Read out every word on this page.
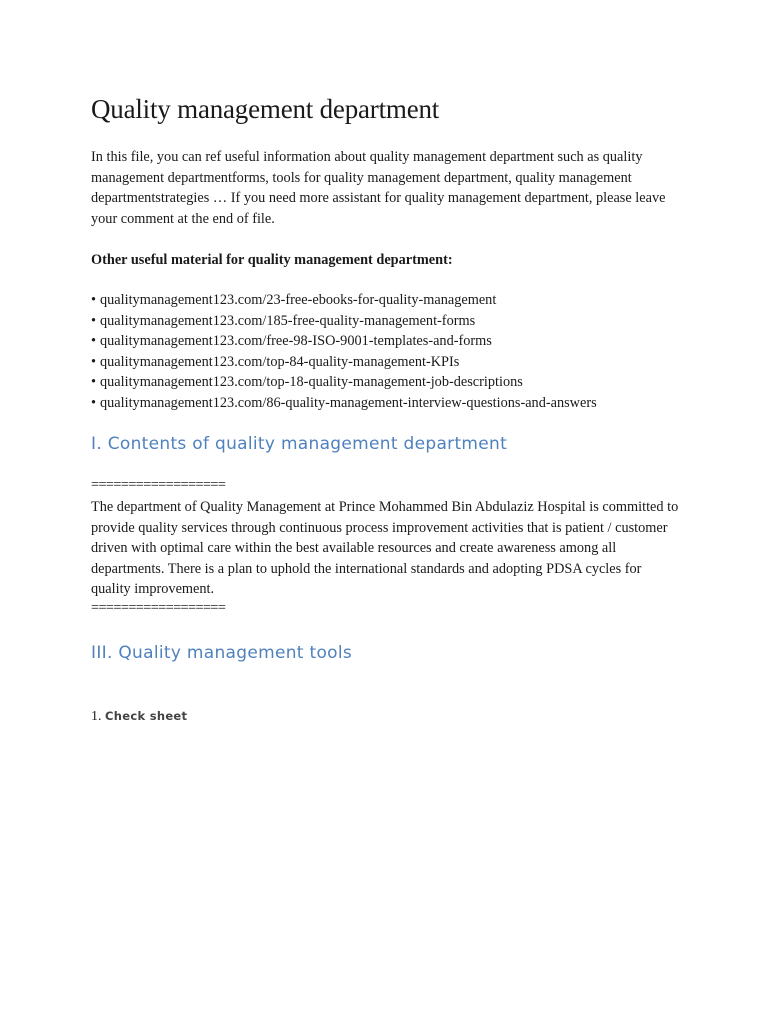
Quality management department

In this file, you can ref useful information about quality management department such as quality management departmentforms, tools for quality management department, quality management departmentstrategies … If you need more assistant for quality management department, please leave your comment at the end of file.

Other useful material for quality management department:

• qualitymanagement123.com/23-free-ebooks-for-quality-management
• qualitymanagement123.com/185-free-quality-management-forms
• qualitymanagement123.com/free-98-ISO-9001-templates-and-forms
• qualitymanagement123.com/top-84-quality-management-KPIs
• qualitymanagement123.com/top-18-quality-management-job-descriptions
• qualitymanagement123.com/86-quality-management-interview-questions-and-answers
I. Contents of quality management department

==================

The department of Quality Management at Prince Mohammed Bin Abdulaziz Hospital is committed to provide quality services through continuous process improvement activities that is patient / customer driven with optimal care within the best available resources and create awareness among all departments. There is a plan to uphold the international standards and adopting PDSA cycles for quality improvement.

==================

III. Quality management tools

1. Check sheet
